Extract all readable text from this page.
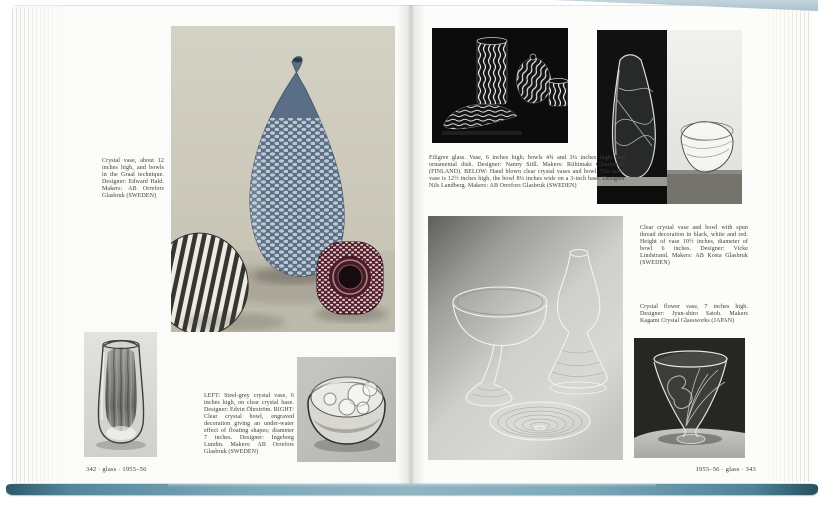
Crystal vase, about 12 inches high, and bowls in the Graal technique. Designer: Edward Hald. Makers: AB Orrefors Glasbruk (SWEDEN)
LEFT: Steel-grey crystal vase, 6 inches high, on clear crystal base. Designer: Edvin Öhrström. RIGHT: Clear crystal bowl, engraved decoration giving an under-water effect of floating shapes; diameter 7 inches. Designer: Ingeborg Lundin. Makers: AB Orrefors Glasbruk (SWEDEN)
342 · glass · 1955–56
Filigree glass. Vase, 6 inches high; bowls 4¾ and 3¼ inches high; and ornamental dish. Designer: Nanny Still. Makers: Riihimaki Glassworks (FINLAND). BELOW: Hand blown clear crystal vases and bowl. The taller vase is 12½ inches high, the bowl 8¼ inches wide on a 3-inch base. Designer Nils Landberg. Makers: AB Orrefors Glasbruk (SWEDEN)
Clear crystal vase and bowl with spun thread decoration in black, white and red. Height of vase 10½ inches, diameter of bowl 6 inches. Designer: Vicke Lindstrand. Makers: AB Kosta Glasbruk (SWEDEN)
Crystal flower vase, 7 inches high. Designer: Jyun-shiro Satoh. Makers Kagami Crystal Glassworks (JAPAN)
1955–56 · glass · 343
